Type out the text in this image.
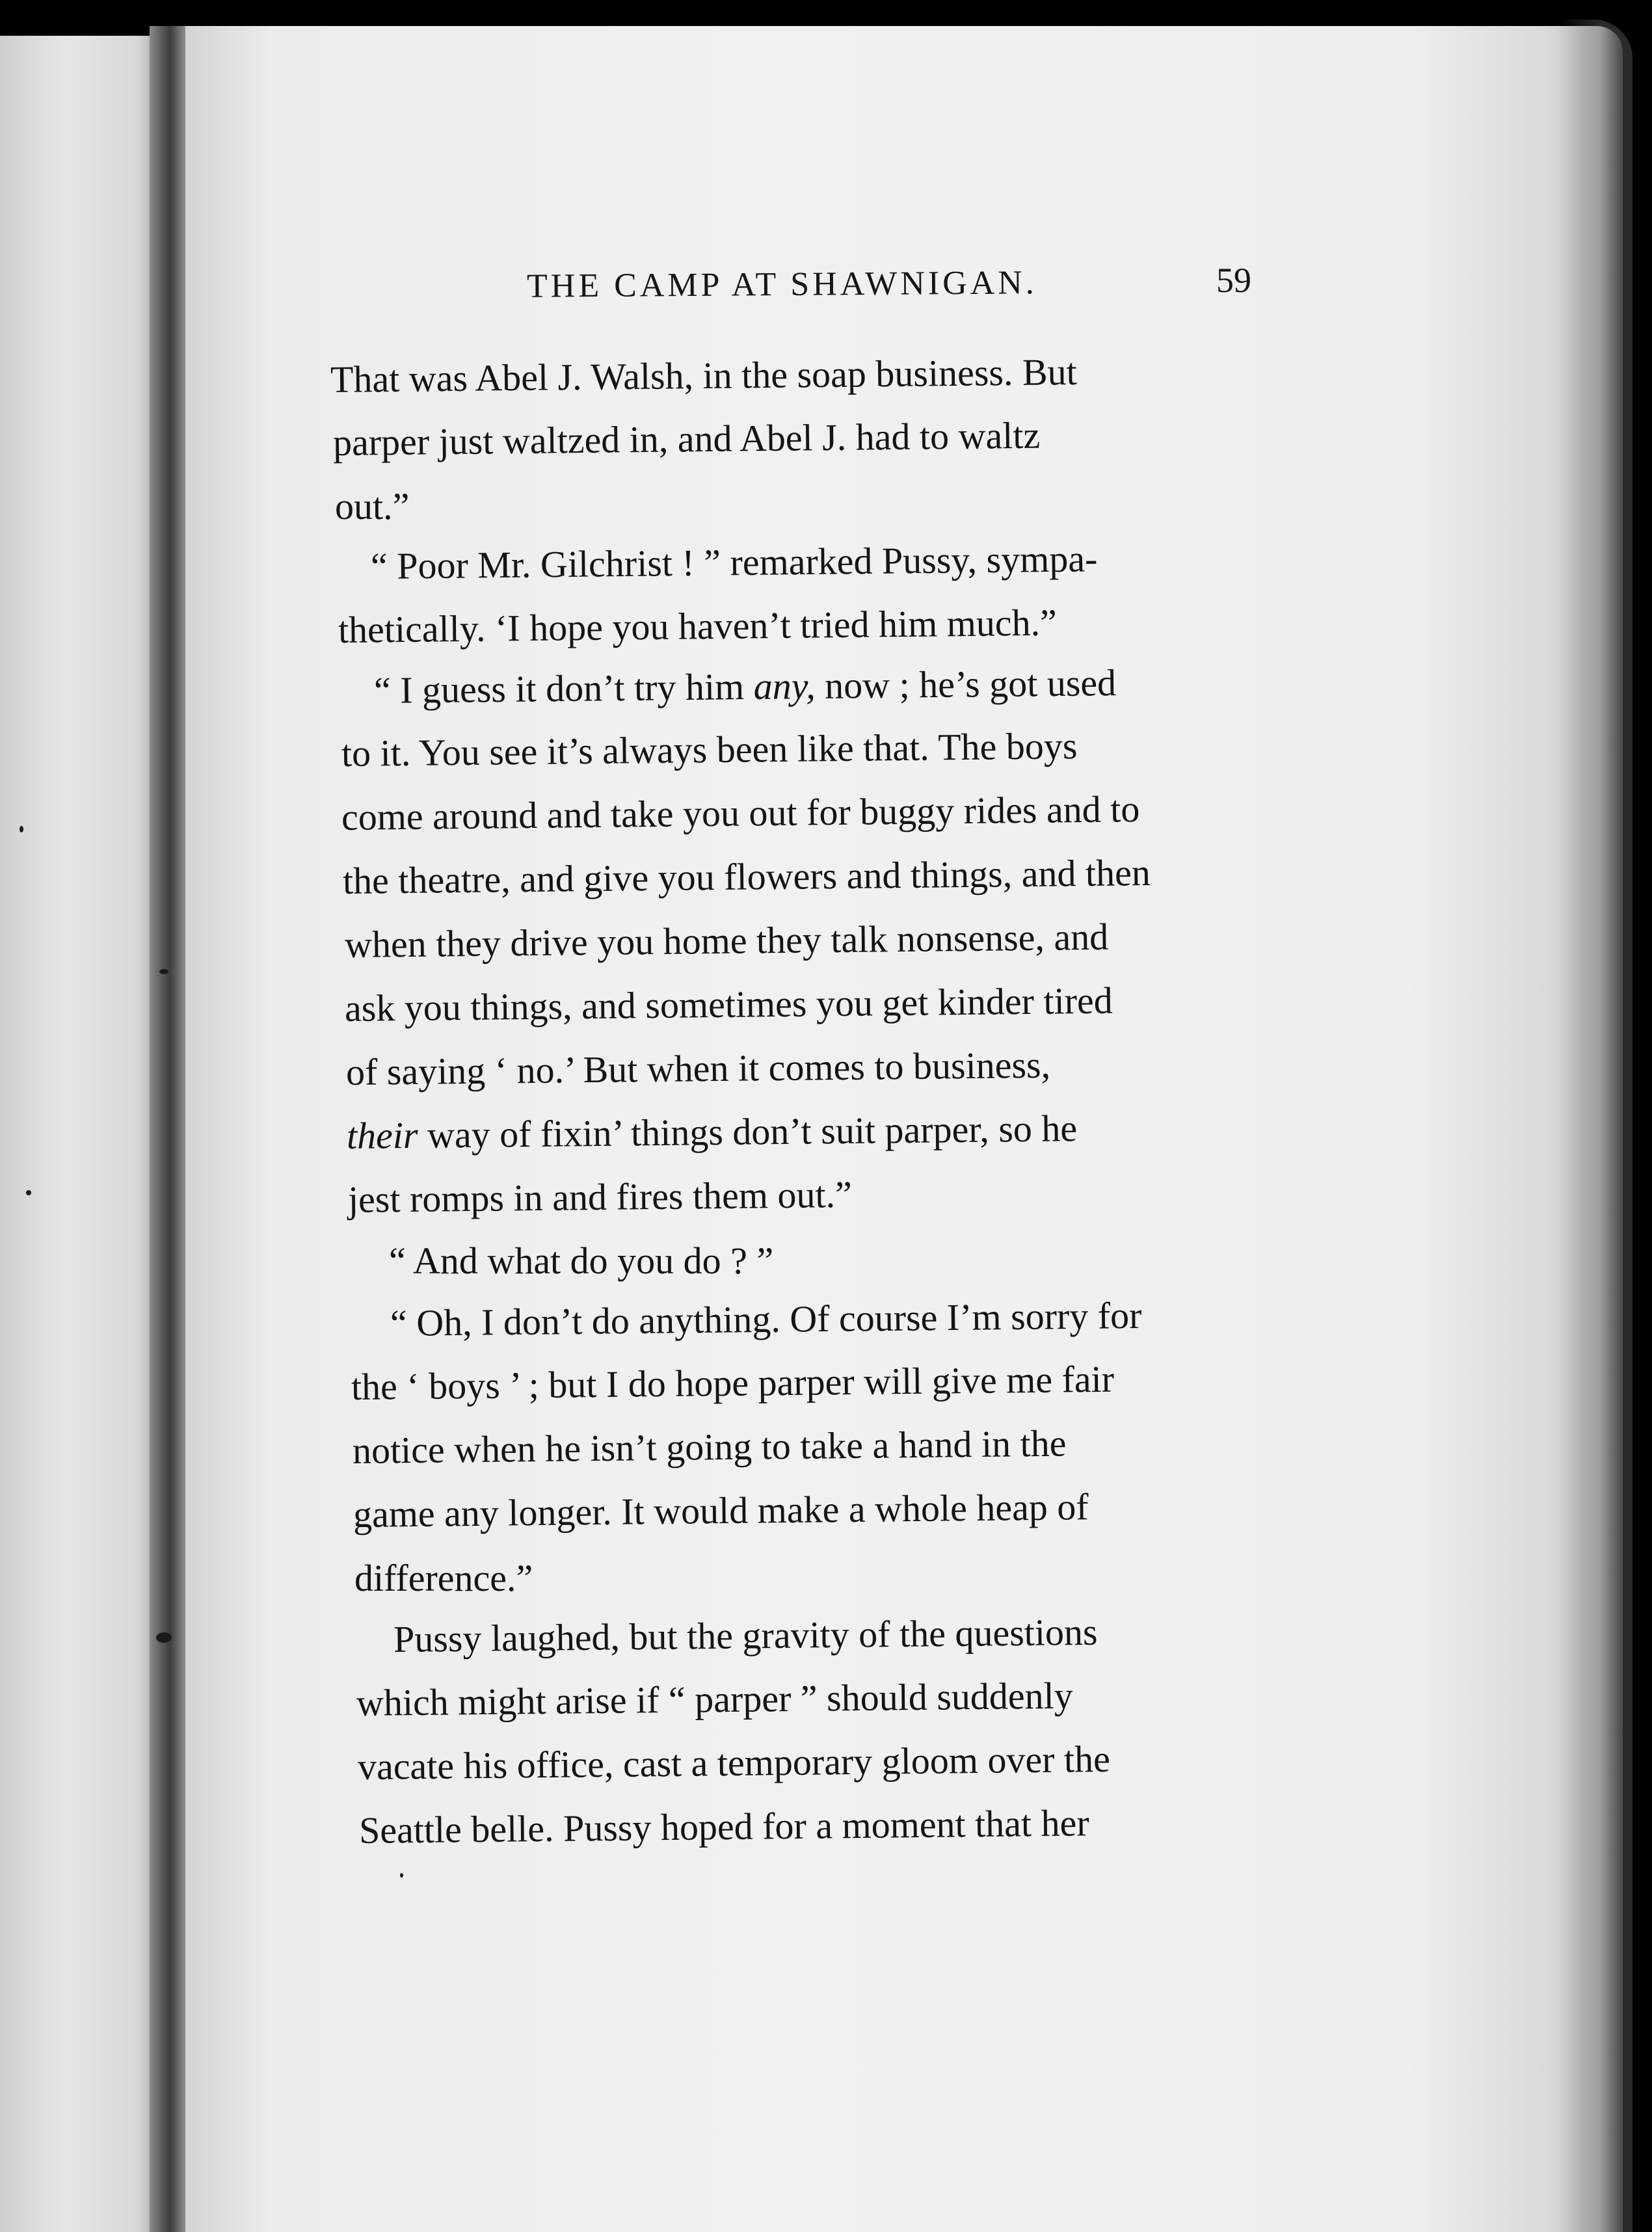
THE CAMP AT SHAWNIGAN.	59
That was Abel J. Walsh, in the soap business. But
parper just waltzed in, and Abel J. had to waltz
out.”
“ Poor Mr. Gilchrist ! ” remarked Pussy, sympa-
thetically. ‘I hope you haven’t tried him much.”
“ I guess it don’t try him any, now ; he’s got used
to it. You see it’s always been like that. The boys
come around and take you out for buggy rides and to
the theatre, and give you flowers and things, and then
when they drive you home they talk nonsense, and
ask you things, and sometimes you get kinder tired
of saying ‘ no.’ But when it comes to business,
their way of fixin’ things don’t suit parper, so he
jest romps in and fires them out.”
“ And what do you do ? ”
“ Oh, I don’t do anything. Of course I’m sorry for
the ‘ boys ’ ; but I do hope parper will give me fair
notice when he isn’t going to take a hand in the
game any longer. It would make a whole heap of
difference.”
Pussy laughed, but the gravity of the questions
which might arise if “ parper ” should suddenly
vacate his office, cast a temporary gloom over the
Seattle belle. Pussy hoped for a moment that her
